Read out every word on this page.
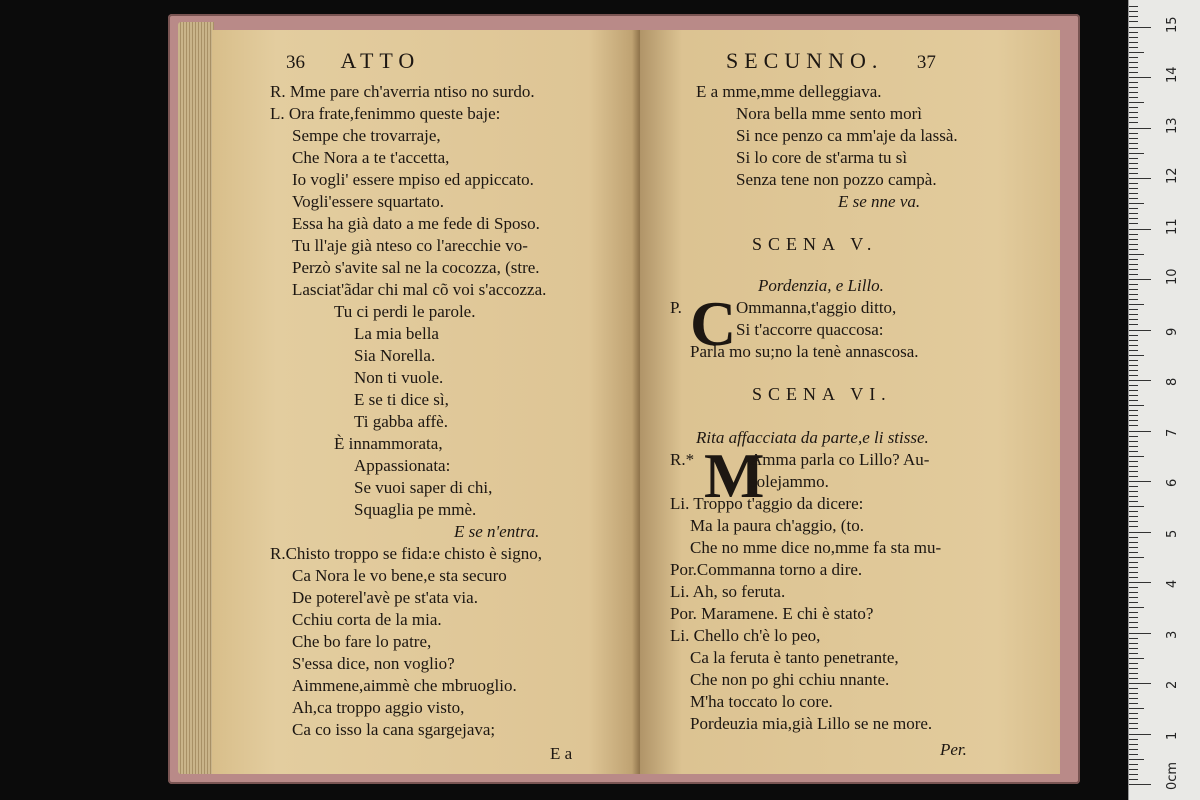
36 ATTO
R. Mme pare ch'averria ntiso no surdo.
L. Ora frate,fenimmo queste baje:
Sempe che trovarraje,
Che Nora a te t'accetta,
Io vogli' essere mpiso ed appiccato.
Vogli'essere squartato.
Essa ha già dato a me fede di Sposo.
Tu ll'aje già nteso co l'arecchie vo-
Perzò s'avite sal ne la cocozza, (stre.
Lasciat'ãdar chi mal cõ voi s'accozza.
Tu ci perdi le parole.
La mia bella
Sia Norella.
Non ti vuole.
E se ti dice sì,
Ti gabba affè.
È innammorata,
Appassionata:
Se vuoi saper di chi,
Squaglia pe mmè.
E se n'entra.
R.Chisto troppo se fida:e chisto è signo,
Ca Nora le vo bene,e sta securo
De poterel'avè pe st'ata via.
Cchiu corta de la mia.
Che bo fare lo patre,
S'essa dice, non voglio?
Aimmene,aimmè che mbruoglio.
Ah,ca troppo aggio visto,
Ca co isso la cana sgargejava;
E a
SECUNNO. 37
E a mme,mme delleggiava.
Nora bella mme sento morì
Si nce penzo ca mm'aje da lassà.
Si lo core de st'arma tu sì
Senza tene non pozzo campà.
E se nne va.
SCENA V.
Pordenzia, e Lillo.
P. C Ommanna,t'aggio ditto,
Si t'accorre quaccosa:
Parla mo su;no la tenè annascosa.
SCENA VI.
Rita affacciata da parte,e li stisse.
R.* M
Amma parla co Lillo? Au-
solejammo.
Li. Troppo t'aggio da dicere:
Ma la paura ch'aggio, (to.
Che no mme dice no,mme fa sta mu-
Por.Commanna torno a dire.
Li. Ah, so feruta.
Por. Maramene. E chi è stato?
Li. Chello ch'è lo peo,
Ca la feruta è tanto penetrante,
Che non po ghi cchiu nnante.
M'ha toccato lo core.
Pordeuzia mia,già Lillo se ne more.
Per.
0cm
1
2
3
4
5
6
7
8
9
10
11
12
13
14
15
